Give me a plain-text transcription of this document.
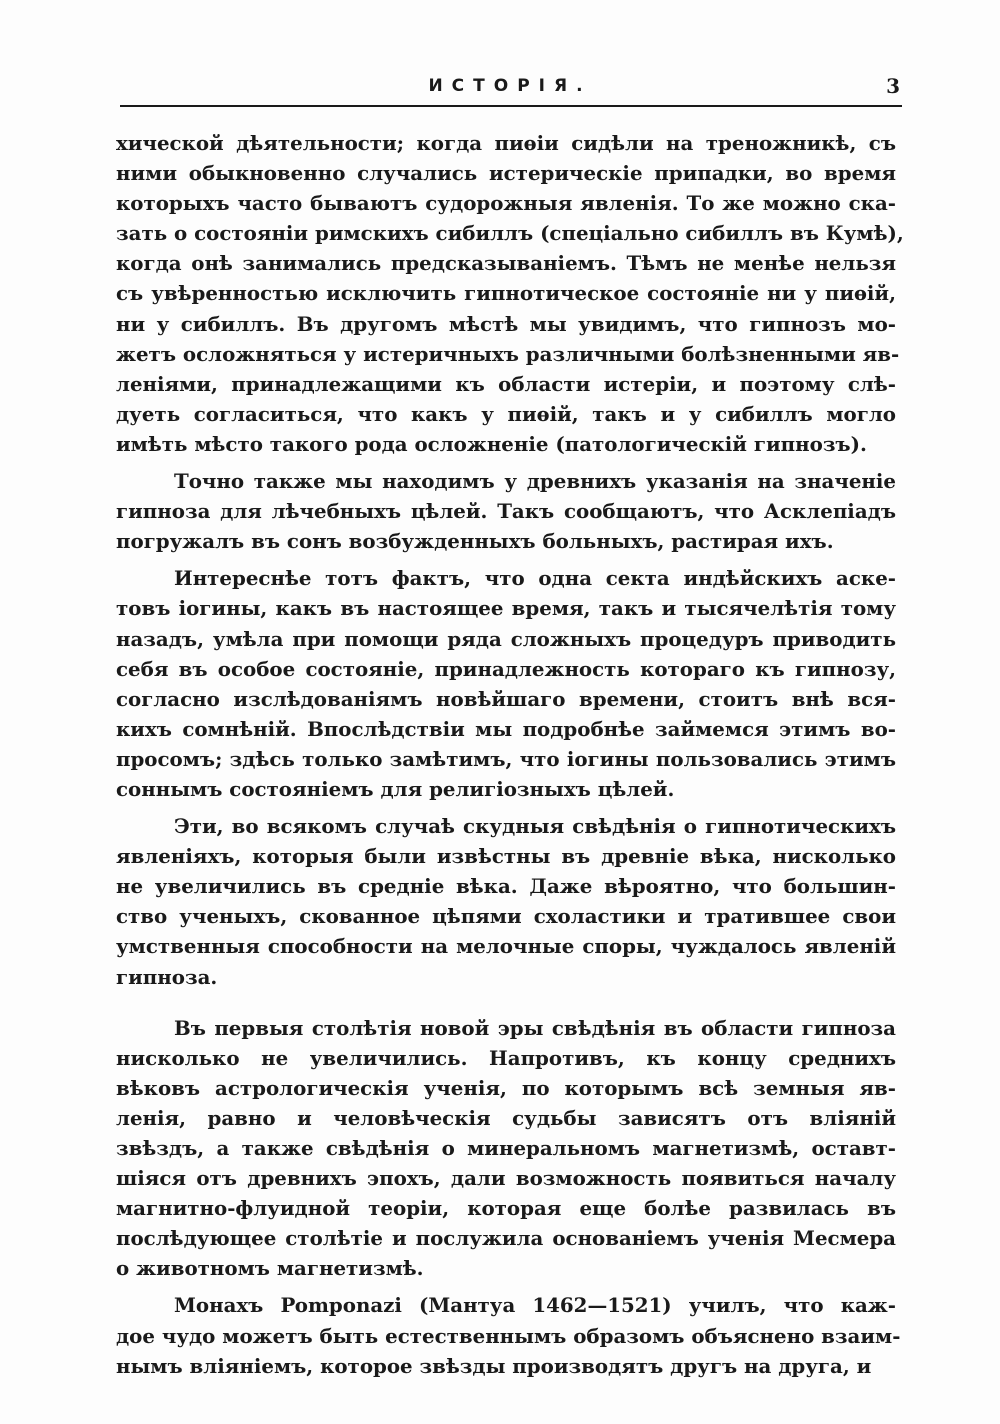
ИСТОРІЯ.	3
хической дѣятельности; когда пиѳіи сидѣли на треножникѣ, съ
ними обыкновенно случались истерическіе припадки, во время
которыхъ часто бываютъ судорожныя явленія. То же можно ска-
зать о состояніи римскихъ сибиллъ (спеціально сибиллъ въ Кумѣ),
когда онѣ занимались предсказываніемъ. Тѣмъ не менѣе нельзя
съ увѣренностью исключить гипнотическое состояніе ни у пиѳій,
ни у сибиллъ. Въ другомъ мѣстѣ мы увидимъ, что гипнозъ мо-
жетъ осложняться у истеричныхъ различными болѣзненными яв-
леніями, принадлежащими къ области истеріи, и поэтому слѣ-
дуеть согласиться, что какъ у пиѳій, такъ и у сибиллъ могло
имѣть мѣсто такого рода осложненіе (патологическій гипнозъ).
Точно также мы находимъ у древнихъ указанія на значеніе
гипноза для лѣчебныхъ цѣлей. Такъ сообщаютъ, что Асклепіадъ
погружалъ въ сонъ возбужденныхъ больныхъ, растирая ихъ.
Интереснѣе тотъ фактъ, что одна секта индѣйскихъ аске-
товъ іогины, какъ въ настоящее время, такъ и тысячелѣтія тому
назадъ, умѣла при помощи ряда сложныхъ процедуръ приводить
себя въ особое состояніе, принадлежность котораго къ гипнозу,
согласно изслѣдованіямъ новѣйшаго времени, стоитъ внѣ вся-
кихъ сомнѣній. Впослѣдствіи мы подробнѣе займемся этимъ во-
просомъ; здѣсь только замѣтимъ, что іогины пользовались этимъ
соннымъ состояніемъ для религіозныхъ цѣлей.
Эти, во всякомъ случаѣ скудныя свѣдѣнія о гипнотическихъ
явленіяхъ, которыя были извѣстны въ древніе вѣка, нисколько
не увеличились въ средніе вѣка. Даже вѣроятно, что большин-
ство ученыхъ, скованное цѣпями схоластики и тратившее свои
умственныя способности на мелочные споры, чуждалось явленій
гипноза.
Въ первыя столѣтія новой эры свѣдѣнія въ области гипноза
нисколько не увеличились. Напротивъ, къ концу среднихъ
вѣковъ астрологическія ученія, по которымъ всѣ земныя яв-
ленія, равно и человѣческія судьбы зависятъ отъ вліяній
звѣздъ, а также свѣдѣнія о минеральномъ магнетизмѣ, оставт-
шіяся отъ древнихъ эпохъ, дали возможность появиться началу
магнитно-флуидной теоріи, которая еще болѣе развилась въ
послѣдующее столѣтіе и послужила основаніемъ ученія Месмера
о животномъ магнетизмѣ.
Монахъ Pomponazi (Мантуа 1462—1521) училъ, что каж-
дое чудо можетъ быть естественнымъ образомъ объяснено взаим-
нымъ вліяніемъ, которое звѣзды производятъ другъ на друга, и
